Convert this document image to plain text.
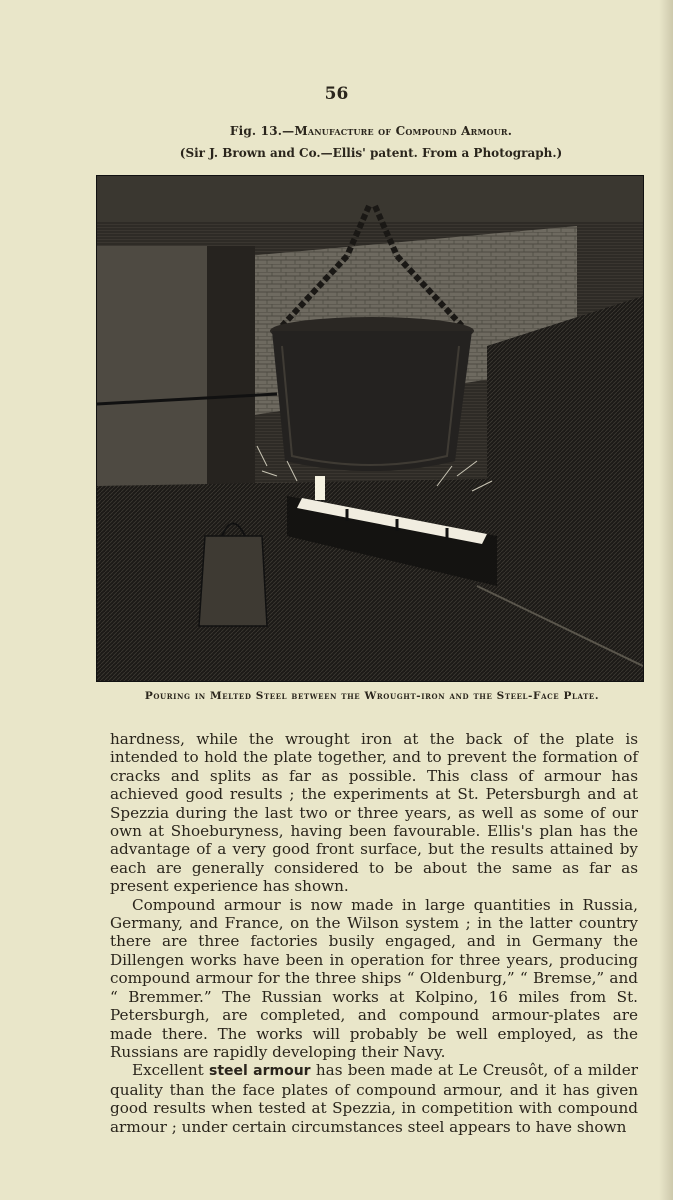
56
Fig. 13.—Manufacture of Compound Armour.
(Sir J. Brown and Co.—Ellis' patent. From a Photograph.)
Pouring in Melted Steel between the Wrought-iron and the Steel-Face Plate.

hardness, while the wrought iron at the back of the plate is intended to hold the plate together, and to prevent the formation of cracks and splits as far as possible. This class of armour has achieved good results ; the experiments at St. Petersburgh and at Spezzia during the last two or three years, as well as some of our own at Shoeburyness, having been favourable. Ellis's plan has the advantage of a very good front surface, but the results attained by each are generally considered to be about the same as far as present experience has shown.

Compound armour is now made in large quantities in Russia, Germany, and France, on the Wilson system ; in the latter country there are three factories busily engaged, and in Germany the Dillengen works have been in operation for three years, producing compound armour for the three ships “ Oldenburg,” “ Bremse,” and “ Bremmer.” The Russian works at Kolpino, 16 miles from St. Petersburgh, are completed, and compound armour-plates are made there. The works will probably be well employed, as the Russians are rapidly developing their Navy.

Excellent steel armour has been made at Le Creusôt, of a milder quality than the face plates of compound armour, and it has given good results when tested at Spezzia, in competition with compound armour ; under certain circumstances steel appears to have shown
